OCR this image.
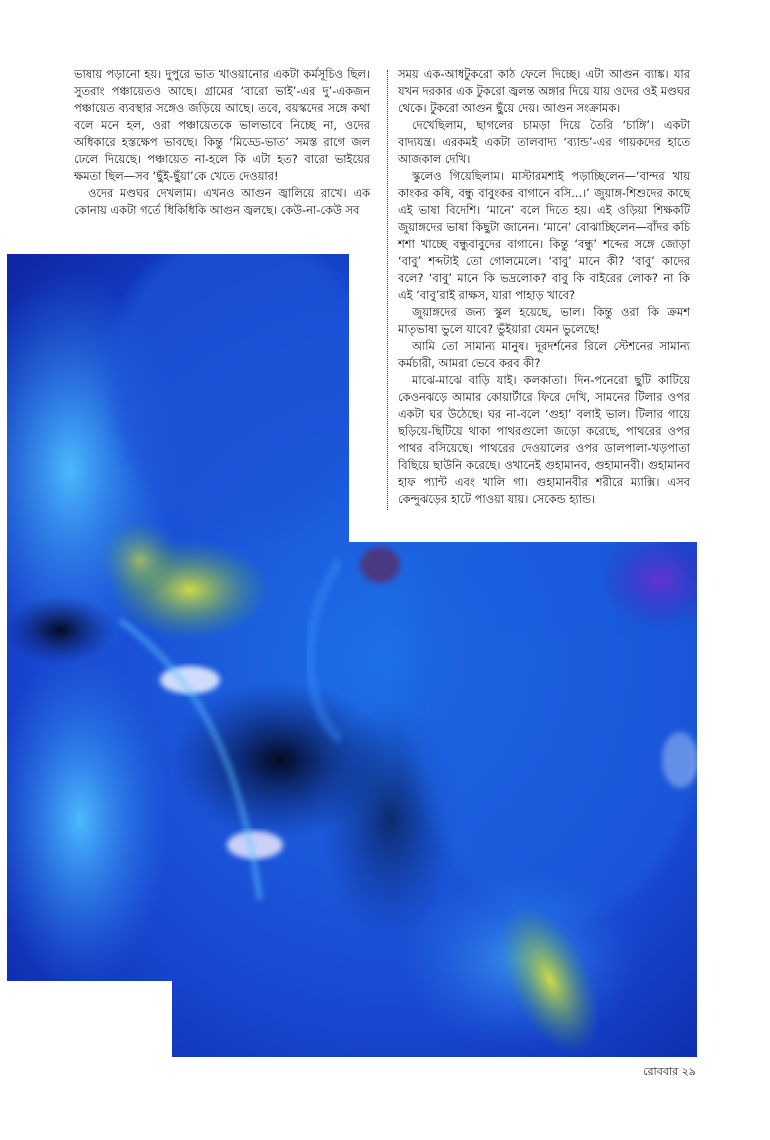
ভাষায় পড়ানো হয়। দুপুরে ভাত খাওয়ানোর একটা কর্মসূচিও ছিল। সুতরাং পঞ্চায়েতও আছে। গ্রামের ‘বারো ভাই’-এর দু’-একজন পঞ্চায়েত ব্যবস্থার সঙ্গেও জড়িয়ে আছে। তবে, বয়স্কদের সঙ্গে কথা বলে মনে হল, ওরা পঞ্চায়েতকে ভালভাবে নিচ্ছে না, ওদের অধিকারে হস্তক্ষেপ ভাবছে। কিন্তু ‘মিড্ডে-ভাত’ সমস্ত রাগে জল ঢেলে দিয়েছে। পঞ্চায়েত না-হলে কি এটা হত? বারো ভাইয়ের ক্ষমতা ছিল—সব ‘ছুঁই-ছুঁয়া’কে খেতে দেওয়ার!

ওদের মণ্ডঘর দেখলাম। এখনও আগুন জ্বালিয়ে রাখে। এক কোনায় একটা গর্তে ধিকিধিকি আগুন জ্বলছে। কেউ-না-কেউ সব

সময় এক-আধটুকরো কাঠ ফেলে দিচ্ছে। এটা আগুন ব্যাঙ্ক। যার যখন দরকার এক টুকরো জ্বলন্ত অঙ্গার দিয়ে যায় ওদের ওই মণ্ডঘর থেকে। টুকরো আগুন ছুঁয়ে দেয়। আগুন সংক্রামক।

দেখেছিলাম, ছাগলের চামড়া দিয়ে তৈরি ‘চাঙ্গি’। একটা বাদ্যযন্ত্র। এরকমই একটা তালবাদ্য ‘ব্যান্ড’-এর গায়কদের হাতে আজকাল দেখি।

স্কুলেও গিয়েছিলাম। মাস্টারমশাই পড়াচ্ছিলেন—‘বান্দর খায় কাংকর কষি, বন্ধু বাবুংকর বাগানে বসি...।’ জুয়াঙ্গ-শিশুদের কাছে এই ভাষা বিদেশি। ‘মানে’ বলে দিতে হয়। এই ওড়িয়া শিক্ষকটি জুয়াঙ্গদের ভাষা কিছুটা জানেন। ‘মানে’ বোঝাচ্ছিলেন—বাঁদর কচি শশা খাচ্ছে বন্ধুবাবুদের বাগানে। কিন্তু ‘বন্ধু’ শব্দের সঙ্গে জোড়া ‘বাবু’ শব্দটাই তো গোলমেলে। ‘বাবু’ মানে কী? ‘বাবু’ কাদের বলে? ‘বাবু’ মানে কি ভদ্রলোক? বাবু কি বাইরের লোক? না কি এই ‘বাবু’রাই রাক্ষস, যারা পাহাড় খাবে?

জুয়াঙ্গদের জন্য স্কুল হয়েছে, ভাল। কিন্তু ওরা কি ক্রমশ মাতৃভাষা ভুলে যাবে? ভুঁইয়ারা যেমন ভুলেছে!

আমি তো সামান্য মানুষ। দূরদর্শনের রিলে স্টেশনের সামান্য কর্মচারী, আমরা ভেবে করব কী?

মাঝে-মাঝে বাড়ি যাই। কলকাতা। দিন-পনেরো ছুটি কাটিয়ে কেওনঝড়ে আমার কোয়ার্টারে ফিরে দেখি, সামনের টিলার ওপর একটা ঘর উঠেছে। ঘর না-বলে ‘গুহা’ বলাই ভাল। টিলার গায়ে ছড়িয়ে-ছিটিয়ে থাকা পাথরগুলো জড়ো করেছে, পাথরের ওপর পাথর বসিয়েছে। পাথরের দেওয়ালের ওপর ডালপালা-খড়পাতা বিছিয়ে ছাউনি করেছে। ওখানেই গুহামানব, গুহামানবী। গুহামানব হাফ প্যান্ট এবং খালি গা। গুহামানবীর শরীরে ম্যাক্সি। এসব কেন্দুঝড়ের হাটে পাওয়া যায়। সেকেন্ড হ্যান্ড।

রোববার ২৯
